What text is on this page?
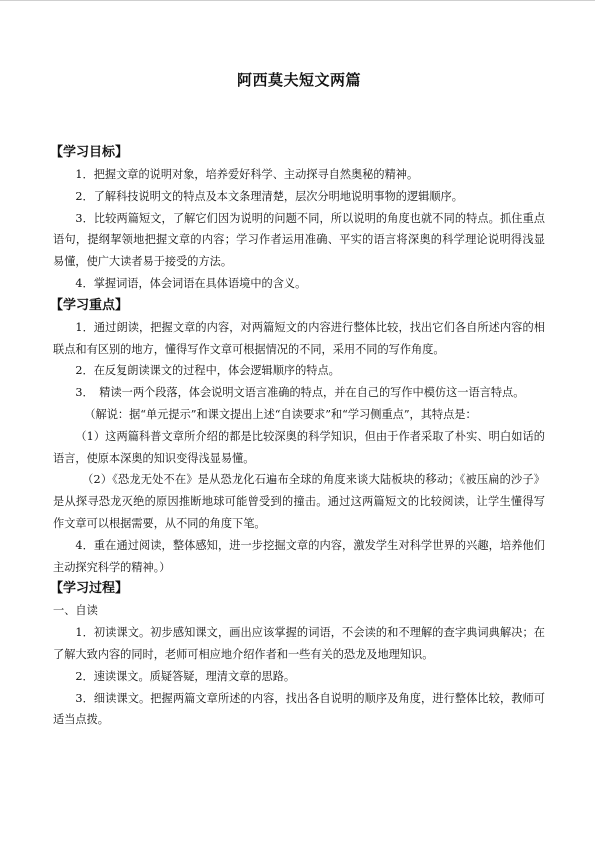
阿西莫夫短文两篇
【学习目标】

1．把握文章的说明对象，培养爱好科学、主动探寻自然奥秘的精神。

2．了解科技说明文的特点及本文条理清楚，层次分明地说明事物的逻辑顺序。

3．比较两篇短文，了解它们因为说明的问题不同，所以说明的角度也就不同的特点。抓住重点语句，提纲挈领地把握文章的内容；学习作者运用准确、平实的语言将深奥的科学理论说明得浅显易懂，使广大读者易于接受的方法。

4．掌握词语，体会词语在具体语境中的含义。

【学习重点】

1．通过朗读，把握文章的内容，对两篇短文的内容进行整体比较，找出它们各自所述内容的相联点和有区别的地方，懂得写作文章可根据情况的不同，采用不同的写作角度。

2．在反复朗读课文的过程中，体会逻辑顺序的特点。

3．　精读一两个段落，体会说明文语言准确的特点，并在自己的写作中模仿这一语言特点。

（解说：据“单元提示”和课文提出上述“自读要求”和“学习侧重点”，其特点是：

（1）这两篇科普文章所介绍的都是比较深奥的科学知识，但由于作者采取了朴实、明白如话的语言，使原本深奥的知识变得浅显易懂。

（2）《恐龙无处不在》是从恐龙化石遍布全球的角度来谈大陆板块的移动；《被压扁的沙子》是从探寻恐龙灭绝的原因推断地球可能曾受到的撞击。通过这两篇短文的比较阅读，让学生懂得写作文章可以根据需要，从不同的角度下笔。

4．重在通过阅读，整体感知，进一步挖掘文章的内容，激发学生对科学世界的兴趣，培养他们主动探究科学的精神。）

【学习过程】

一、自读

1．初读课文。初步感知课文，画出应该掌握的词语，不会读的和不理解的查字典词典解决；在了解大致内容的同时，老师可相应地介绍作者和一些有关的恐龙及地理知识。

2．速读课文。质疑答疑，理清文章的思路。

3．细读课文。把握两篇文章所述的内容，找出各自说明的顺序及角度，进行整体比较，教师可适当点拨。
